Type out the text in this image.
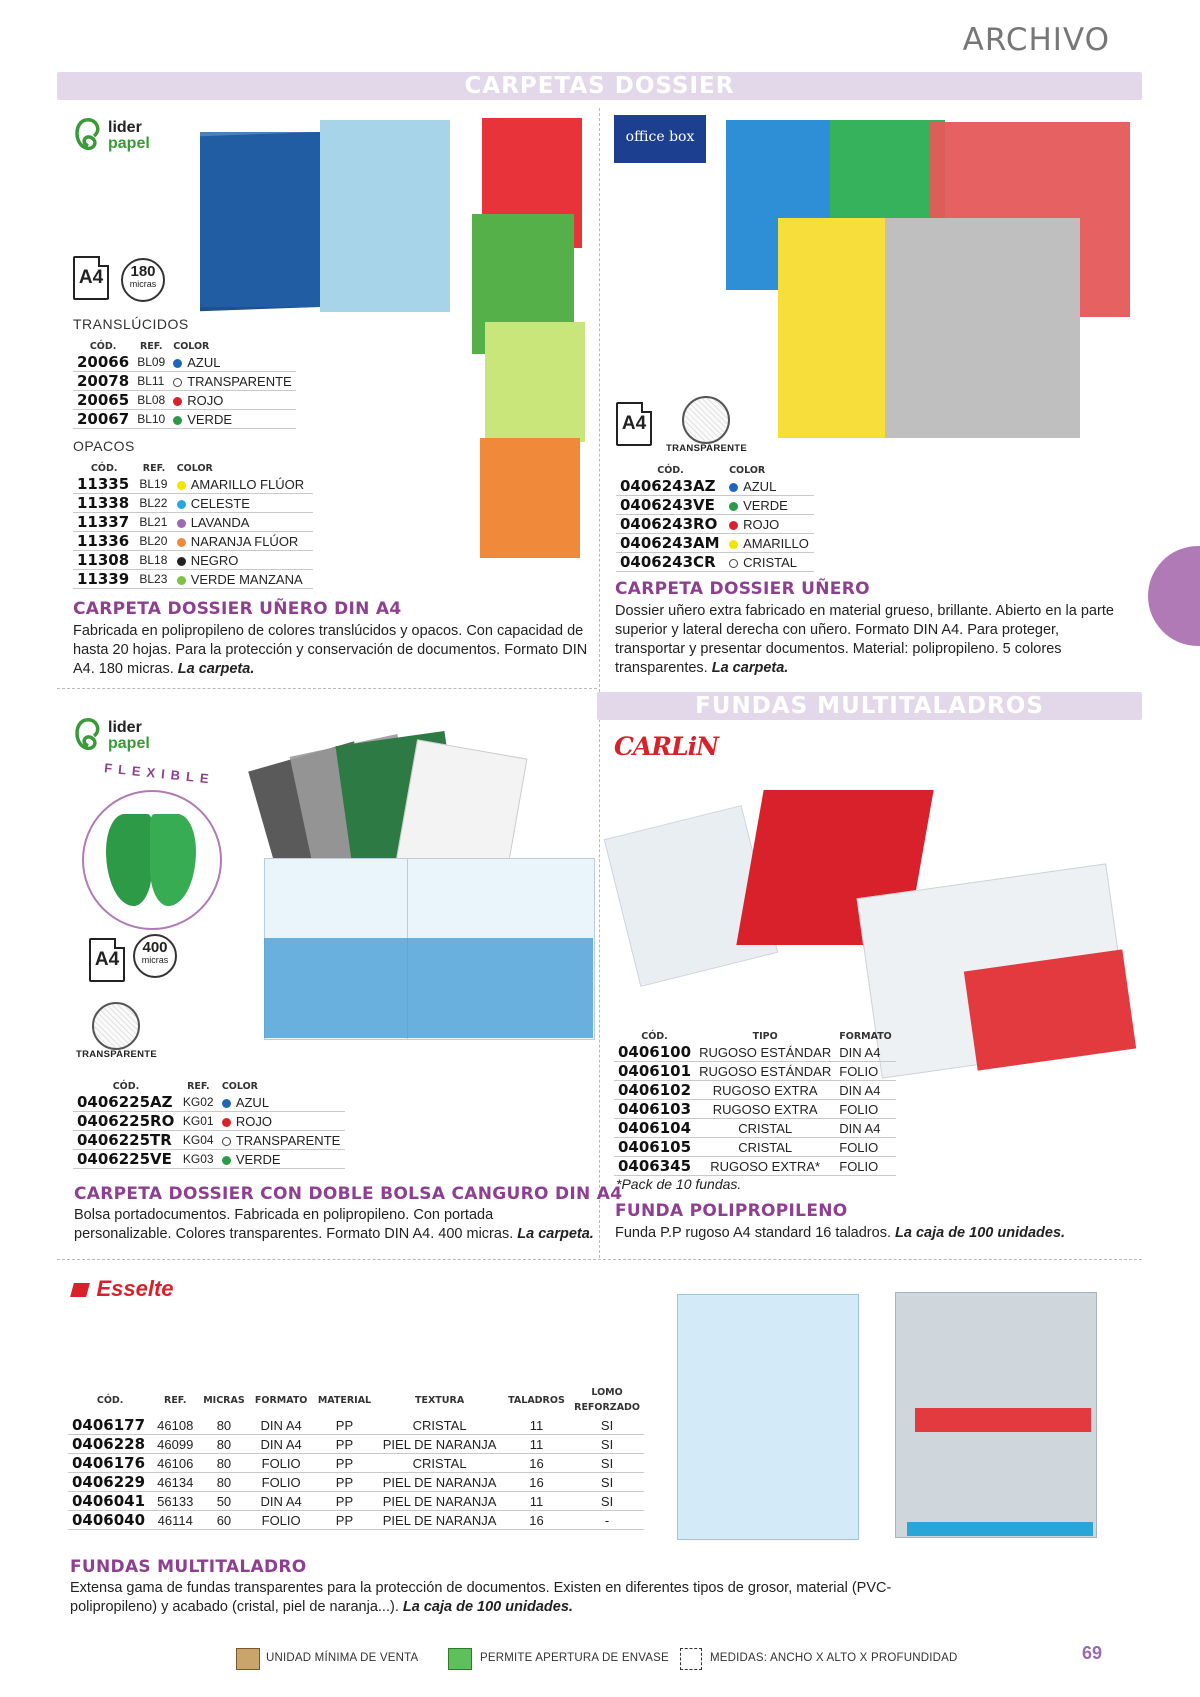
ARCHIVO
CARPETAS DOSSIER
lider
papel
A4	180
micras
TRANSLÚCIDOS
CÓD.	REF.	COLOR
20066	BL09	AZUL
20078	BL11	TRANSPARENTE
20065	BL08	ROJO
20067	BL10	VERDE
OPACOS
CÓD.	REF.	COLOR
11335	BL19	AMARILLO FLÚOR
11338	BL22	CELESTE
11337	BL21	LAVANDA
11336	BL20	NARANJA FLÚOR
11308	BL18	NEGRO
11339	BL23	VERDE MANZANA
CARPETA DOSSIER UÑERO DIN A4
Fabricada en polipropileno de colores translúcidos y opacos. Con capacidad de hasta 20 hojas. Para la protección y conservación de documentos. Formato DIN A4. 180 micras. La carpeta.
office box
A4
TRANSPARENTE
CÓD.	COLOR
0406243AZ	AZUL
0406243VE	VERDE
0406243RO	ROJO
0406243AM	AMARILLO
0406243CR	CRISTAL
CARPETA DOSSIER UÑERO
Dossier uñero extra fabricado en material grueso, brillante. Abierto en la parte superior y lateral derecha con uñero. Formato DIN A4. Para proteger, transportar y presentar documentos. Material: polipropileno. 5 colores transparentes. La carpeta.
FUNDAS MULTITALADROS
lider
papel
FLEXIBLE
A4
400
micras
TRANSPARENTE
CÓD.	REF.	COLOR
0406225AZ	KG02	AZUL
0406225RO	KG01	ROJO
0406225TR	KG04	TRANSPARENTE
0406225VE	KG03	VERDE
CARPETA DOSSIER CON DOBLE BOLSA CANGURO DIN A4
Bolsa portadocumentos. Fabricada en polipropileno. Con portada personalizable. Colores transparentes. Formato DIN A4. 400 micras. La carpeta.
CARLiN
CÓD.	TIPO	FORMATO
0406100	RUGOSO ESTÁNDAR	DIN A4
0406101	RUGOSO ESTÁNDAR	FOLIO
0406102	RUGOSO EXTRA	DIN A4
0406103	RUGOSO EXTRA	FOLIO
0406104	CRISTAL	DIN A4
0406105	CRISTAL	FOLIO
0406345	RUGOSO EXTRA*	FOLIO
*Pack de 10 fundas.
FUNDA POLIPROPILENO
Funda P.P rugoso A4 standard 16 taladros. La caja de 100 unidades.
Esselte
CÓD.	REF.	MICRAS	FORMATO	MATERIAL	TEXTURA	TALADROS	LOMO REFORZADO
0406177	46108	80	DIN A4	PP	CRISTAL	11	SI
0406228	46099	80	DIN A4	PP	PIEL DE NARANJA	11	SI
0406176	46106	80	FOLIO	PP	CRISTAL	16	SI
0406229	46134	80	FOLIO	PP	PIEL DE NARANJA	16	SI
0406041	56133	50	DIN A4	PP	PIEL DE NARANJA	11	SI
0406040	46114	60	FOLIO	PP	PIEL DE NARANJA	16	-
FUNDAS MULTITALADRO
Extensa gama de fundas transparentes para la protección de documentos. Existen en diferentes tipos de grosor, material (PVC-polipropileno) y acabado (cristal, piel de naranja...). La caja de 100 unidades.
UNIDAD MÍNIMA DE VENTA	PERMITE APERTURA DE ENVASE	MEDIDAS: ANCHO X ALTO X PROFUNDIDAD	69
